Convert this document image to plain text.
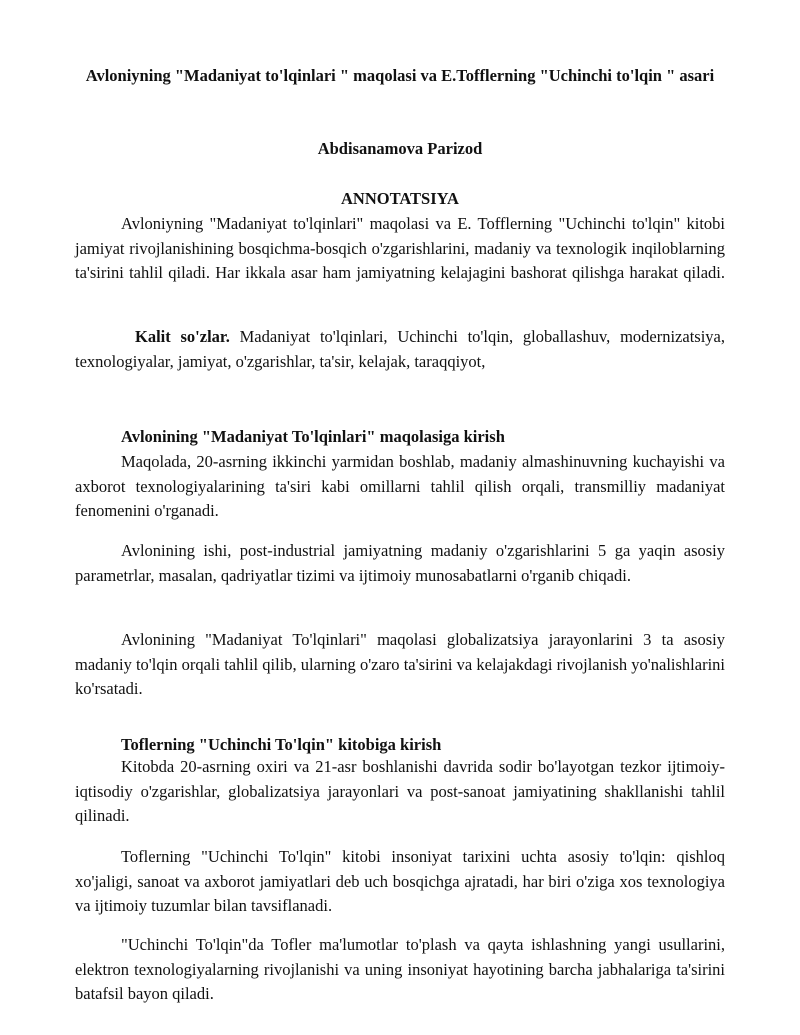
Avloniyning "Madaniyat to'lqinlari " maqolasi va E.Tofflerning "Uchinchi to'lqin " asari
Abdisanamova Parizod
ANNOTATSIYA

Avloniyning "Madaniyat to'lqinlari" maqolasi va E. Tofflerning "Uchinchi to'lqin" kitobi jamiyat rivojlanishining bosqichma-bosqich o'zgarishlarini, madaniy va texnologik inqiloblarning ta'sirini tahlil qiladi. Har ikkala asar ham jamiyatning kelajagini bashorat qilishga harakat qiladi.

Kalit so'zlar. Madaniyat to'lqinlari, Uchinchi to'lqin, globallashuv, modernizatsiya, texnologiyalar, jamiyat, o'zgarishlar, ta'sir, kelajak, taraqqiyot,

Avlonining "Madaniyat To'lqinlari" maqolasiga kirish

Maqolada, 20-asrning ikkinchi yarmidan boshlab, madaniy almashinuvning kuchayishi va axborot texnologiyalarining ta'siri kabi omillarni tahlil qilish orqali, transmilliy madaniyat fenomenini o'rganadi.

Avlonining ishi, post-industrial jamiyatning madaniy o'zgarishlarini 5 ga yaqin asosiy parametrlar, masalan, qadriyatlar tizimi va ijtimoiy munosabatlarni o'rganib chiqadi.

Avlonining "Madaniyat To'lqinlari" maqolasi globalizatsiya jarayonlarini 3 ta asosiy madaniy to'lqin orqali tahlil qilib, ularning o'zaro ta'sirini va kelajakdagi rivojlanish yo'nalishlarini ko'rsatadi.

Toflerning "Uchinchi To'lqin" kitobiga kirish

Kitobda 20-asrning oxiri va 21-asr boshlanishi davrida sodir bo'layotgan tezkor ijtimoiy-iqtisodiy o'zgarishlar, globalizatsiya jarayonlari va post-sanoat jamiyatining shakllanishi tahlil qilinadi.

Toflerning "Uchinchi To'lqin" kitobi insoniyat tarixini uchta asosiy to'lqin: qishloq xo'jaligi, sanoat va axborot jamiyatlari deb uch bosqichga ajratadi, har biri o'ziga xos texnologiya va ijtimoiy tuzumlar bilan tavsiflanadi.

"Uchinchi To'lqin"da Tofler ma'lumotlar to'plash va qayta ishlashning yangi usullarini, elektron texnologiyalarning rivojlanishi va uning insoniyat hayotining barcha jabhalariga ta'sirini batafsil bayon qiladi.
